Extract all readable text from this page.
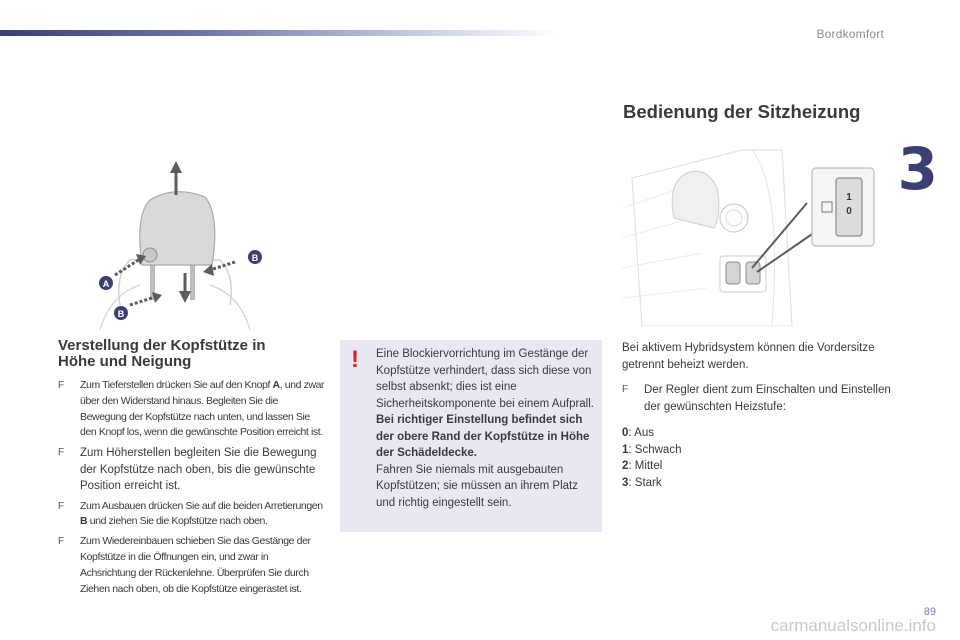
Bordkomfort
3
A
B
B
1
0
Verstellung der Kopfstütze in
Höhe und Neigung
F Zum Tieferstellen drücken Sie auf den Knopf A, und zwar über den Widerstand hinaus. Begleiten Sie die Bewegung der Kopfstütze nach unten, und lassen Sie den Knopf los, wenn die gewünschte Position erreicht ist.
F Zum Höherstellen begleiten Sie die Bewegung der Kopfstütze nach oben, bis die gewünschte Position erreicht ist.
F Zum Ausbauen drücken Sie auf die beiden Arretierungen B und ziehen Sie die Kopfstütze nach oben.
F Zum Wiedereinbauen schieben Sie das Gestänge der Kopfstütze in die Öffnungen ein, und zwar in Achsrichtung der Rückenlehne. Überprüfen Sie durch Ziehen nach oben, ob die Kopfstütze eingerastet ist.
! Eine Blockiervorrichtung im Gestänge der Kopfstütze verhindert, dass sich diese von selbst absenkt; dies ist eine Sicherheitskomponente bei einem Aufprall.
Bei richtiger Einstellung befindet sich der obere Rand der Kopfstütze in Höhe der Schädeldecke.
Fahren Sie niemals mit ausgebauten Kopfstützen; sie müssen an ihrem Platz und richtig eingestellt sein.
Bedienung der Sitzheizung

Bei aktivem Hybridsystem können die Vordersitze getrennt beheizt werden.

F Der Regler dient zum Einschalten und Einstellen der gewünschten Heizstufe:
0: Aus
1: Schwach
2: Mittel
3: Stark
89
carmanualsonline.info
